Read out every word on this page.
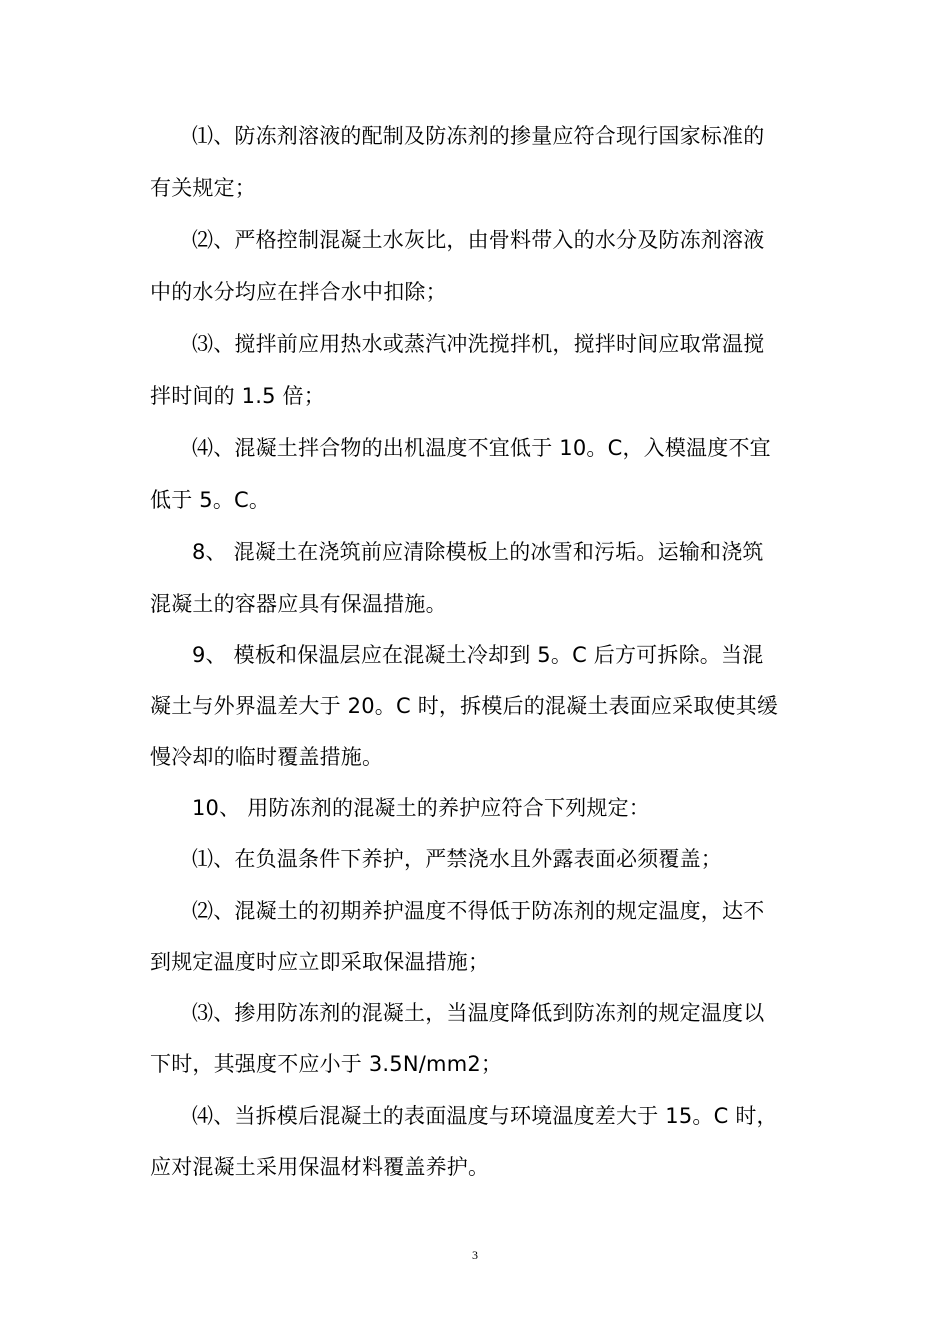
⑴、防冻剂溶液的配制及防冻剂的掺量应符合现行国家标准的
有关规定；
⑵、严格控制混凝土水灰比，由骨料带入的水分及防冻剂溶液
中的水分均应在拌合水中扣除；
⑶、搅拌前应用热水或蒸汽冲洗搅拌机，搅拌时间应取常温搅
拌时间的 1.5 倍；
⑷、混凝土拌合物的出机温度不宜低于 10。C，入模温度不宜
低于 5。C。
8、 混凝土在浇筑前应清除模板上的冰雪和污垢。运输和浇筑
混凝土的容器应具有保温措施。
9、 模板和保温层应在混凝土冷却到 5。C 后方可拆除。当混
凝土与外界温差大于 20。C 时，拆模后的混凝土表面应采取使其缓
慢冷却的临时覆盖措施。
10、 用防冻剂的混凝土的养护应符合下列规定：
⑴、在负温条件下养护，严禁浇水且外露表面必须覆盖；
⑵、混凝土的初期养护温度不得低于防冻剂的规定温度，达不
到规定温度时应立即采取保温措施；
⑶、掺用防冻剂的混凝土，当温度降低到防冻剂的规定温度以
下时，其强度不应小于 3.5N/mm2；
⑷、当拆模后混凝土的表面温度与环境温度差大于 15。C 时，
应对混凝土采用保温材料覆盖养护。
3
